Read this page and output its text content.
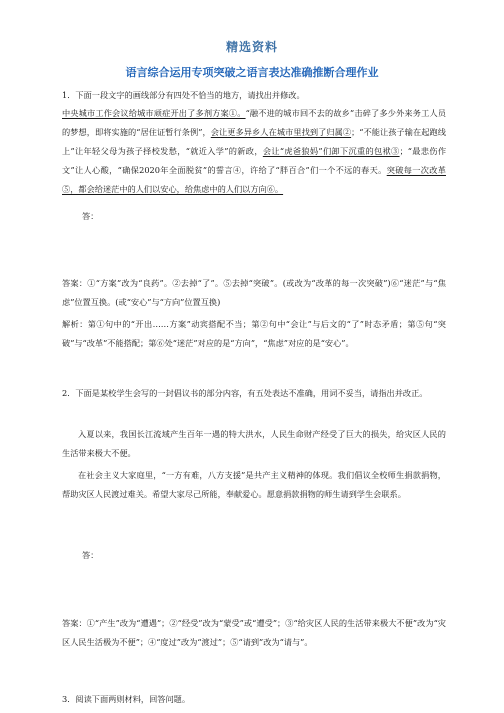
精选资料
语言综合运用专项突破之语言表达准确推断合理作业
1．下面一段文字的画线部分有四处不恰当的地方，请找出并修改。
中央城市工作会议给城市顽症开出了多剂方案①。“融不进的城市回不去的故乡”击碎了多少外来务工人员的梦想，即将实施的“居住证暂行条例”，会让更多异乡人在城市里找到了归属②；“不能让孩子输在起跑线上”让年轻父母为孩子择校发愁，“就近入学”的新政，会让“虎爸狼妈”们卸下沉重的包袱③；“最悲伤作文”让人心酸，“确保2020年全面脱贫”的誓言④，许给了“胖百合”们一个不远的春天。突破每一次改革⑤，都会给迷茫中的人们以安心，给焦虑中的人们以方向⑥。
答：
答案：①“方案”改为“良药”。②去掉“了”。⑤去掉“突破”。(或改为“改革的每一次突破”)⑥“迷茫”与“焦虑”位置互换。(或“安心”与“方向”位置互换)
解析：第①句中的“开出……方案”动宾搭配不当；第②句中“会让”与后文的“了”时态矛盾；第⑤句“突破”与“改革”不能搭配；第⑥处“迷茫”对应的是“方向”，“焦虑”对应的是“安心”。
2．下面是某校学生会写的一封倡议书的部分内容，有五处表达不准确，用词不妥当，请指出并改正。
入夏以来，我国长江流域产生百年一遇的特大洪水，人民生命财产经受了巨大的损失，给灾区人民的生活带来极大不便。
在社会主义大家庭里，“一方有难，八方支援”是共产主义精神的体现。我们倡议全校师生捐款捐物，帮助灾区人民渡过难关。希望大家尽己所能，奉献爱心。愿意捐款捐物的师生请到学生会联系。
答：
答案：①“产生”改为“遭遇”；②“经受”改为“蒙受”或“遭受”；③“给灾区人民的生活带来极大不便”改为“灾区人民生活极为不便”；④“度过”改为“渡过”；⑤“请到”改为“请与”。
3．阅读下面两则材料，回答问题。
